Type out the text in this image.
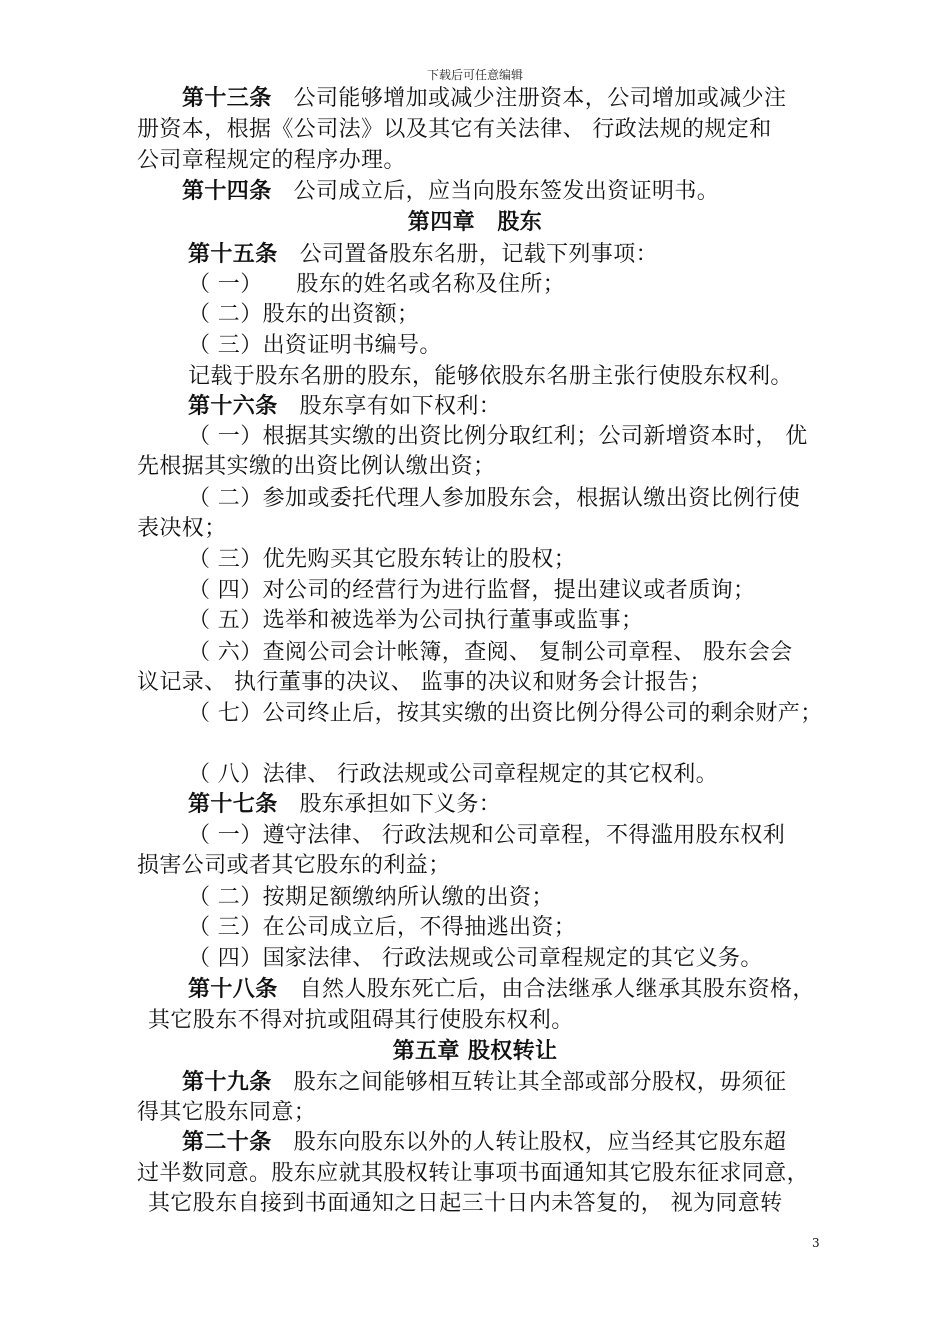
下载后可任意编辑
第十三条 公司能够增加或减少注册资本，公司增加或减少注
册资本，根据《公司法》以及其它有关法律、 行政法规的规定和
公司章程规定的程序办理。
第十四条 公司成立后，应当向股东签发出资证明书。
第四章　股东
第十五条 公司置备股东名册，记载下列事项：
（ 一）　　股东的姓名或名称及住所；
（ 二）股东的出资额；
（ 三）出资证明书编号。
记载于股东名册的股东，能够依股东名册主张行使股东权利。
第十六条 股东享有如下权利：
（ 一）根据其实缴的出资比例分取红利；公司新增资本时， 优
先根据其实缴的出资比例认缴出资；
（ 二）参加或委托代理人参加股东会，根据认缴出资比例行使
表决权；
（ 三）优先购买其它股东转让的股权；
（ 四）对公司的经营行为进行监督，提出建议或者质询；
（ 五）选举和被选举为公司执行董事或监事；
（ 六）查阅公司会计帐簿，查阅、 复制公司章程、 股东会会
议记录、 执行董事的决议、 监事的决议和财务会计报告；
（ 七）公司终止后，按其实缴的出资比例分得公司的剩余财产；
（ 八）法律、 行政法规或公司章程规定的其它权利。
第十七条 股东承担如下义务：
（ 一）遵守法律、 行政法规和公司章程，不得滥用股东权利
损害公司或者其它股东的利益；
（ 二）按期足额缴纳所认缴的出资；
（ 三）在公司成立后，不得抽逃出资；
（ 四）国家法律、 行政法规或公司章程规定的其它义务。
第十八条 自然人股东死亡后，由合法继承人继承其股东资格，
其它股东不得对抗或阻碍其行使股东权利。
第五章 股权转让
第十九条 股东之间能够相互转让其全部或部分股权，毋须征
得其它股东同意；
第二十条 股东向股东以外的人转让股权，应当经其它股东超
过半数同意。股东应就其股权转让事项书面通知其它股东征求同意，
其它股东自接到书面通知之日起三十日内未答复的， 视为同意转
3
